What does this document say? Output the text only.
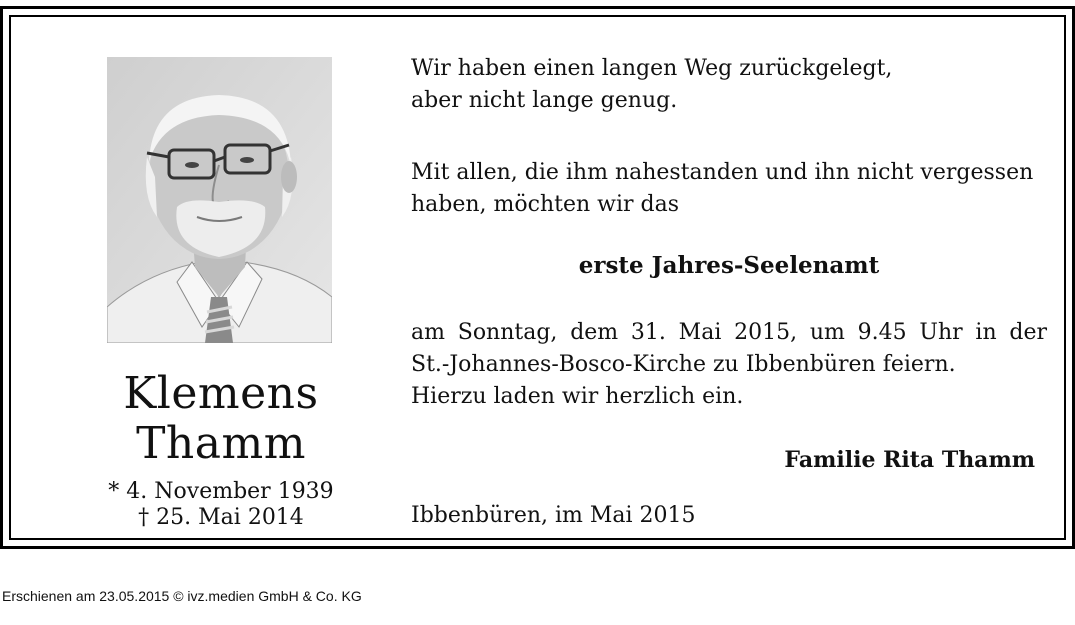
Klemens
Thamm
* 4. November 1939
† 25. Mai 2014
Wir haben einen langen Weg zurückgelegt,
aber nicht lange genug.
Mit allen, die ihm nahestanden und ihn nicht vergessen
haben, möchten wir das
erste Jahres-Seelenamt
am Sonntag, dem 31. Mai 2015, um 9.45 Uhr in der
St.-Johannes-Bosco-Kirche zu Ibbenbüren feiern.
Hierzu laden wir herzlich ein.
Familie Rita Thamm
Ibbenbüren, im Mai 2015
Erschienen am 23.05.2015 © ivz.medien GmbH & Co. KG
